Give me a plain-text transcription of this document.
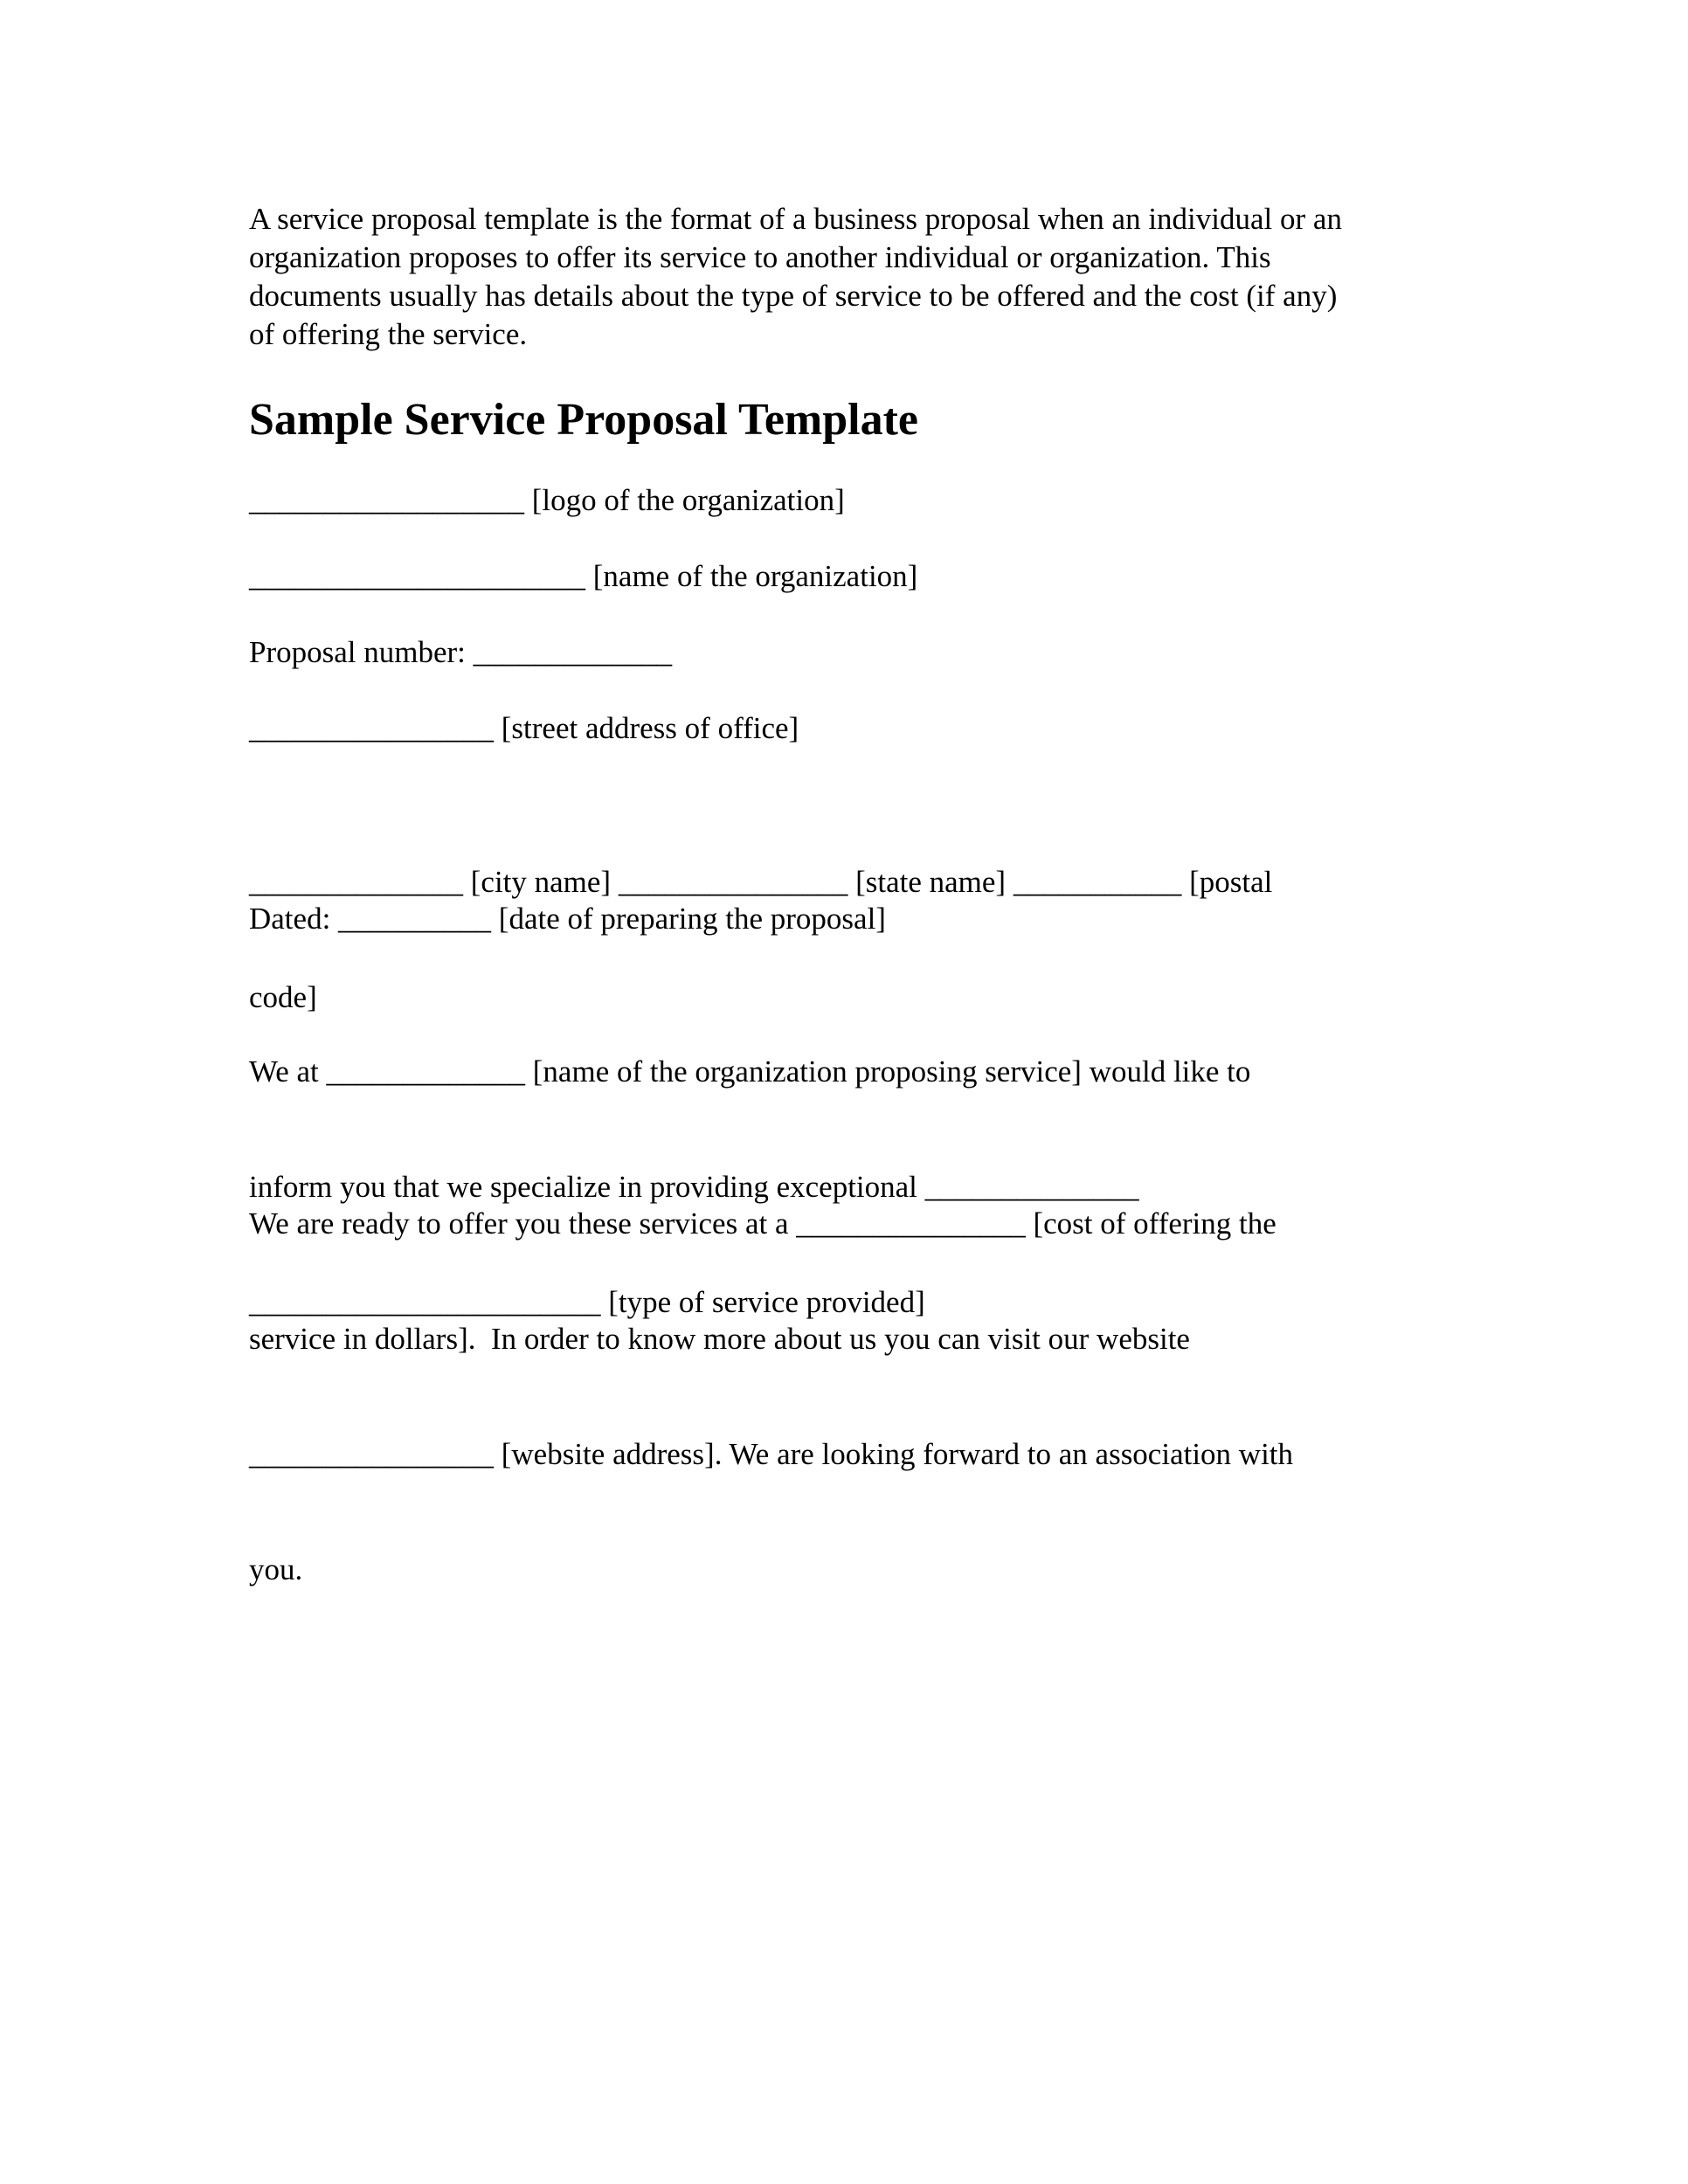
A service proposal template is the format of a business proposal when an individual or an
organization proposes to offer its service to another individual or organization. This
documents usually has details about the type of service to be offered and the cost (if any)
of offering the service.
Sample Service Proposal Template
__________________ [logo of the organization]
______________________ [name of the organization]
Proposal number: _____________
________________ [street address of office]

______________ [city name] _______________ [state name] ___________ [postal

code]

Dated: __________ [date of preparing the proposal]

We at _____________ [name of the organization proposing service] would like to

inform you that we specialize in providing exceptional ______________

_______________________ [type of service provided]

We are ready to offer you these services at a _______________ [cost of offering the

service in dollars].  In order to know more about us you can visit our website

________________ [website address]. We are looking forward to an association with

you.
